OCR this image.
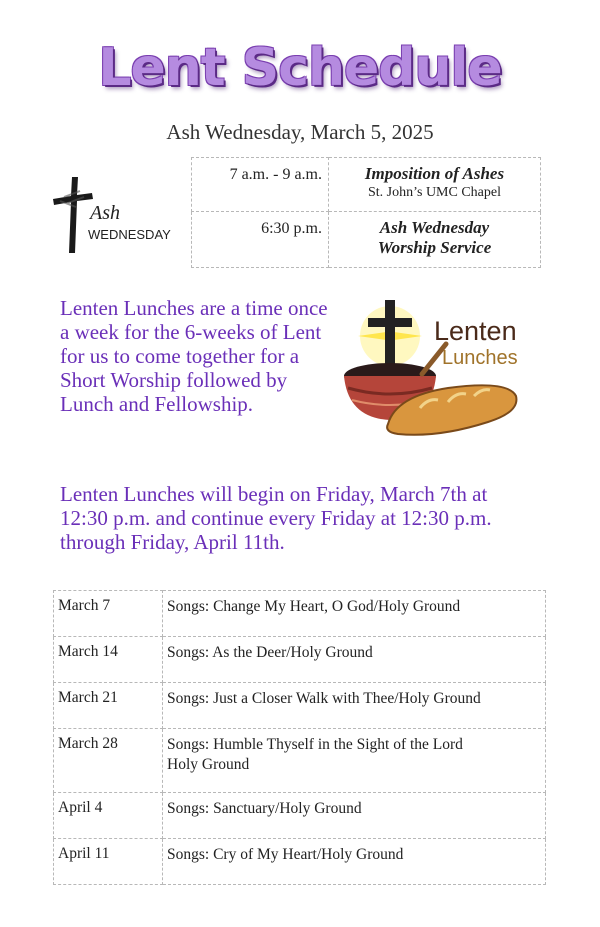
Lent Schedule
Ash Wednesday, March 5, 2025
Ash
WEDNESDAY
7 a.m. - 9 a.m.	Imposition of Ashes
St. John’s UMC Chapel

6:30 p.m.	Ash Wednesday
Worship Service
Lenten Lunches are a time once a week for the 6-weeks of Lent for us to come together for a Short Worship followed by Lunch and Fellowship.
Lenten
Lunches
Lenten Lunches will begin on Friday, March 7th at 12:30 p.m. and continue every Friday at 12:30 p.m. through Friday, April 11th.
March 7	Songs: Change My Heart, O God/Holy Ground
March 14	Songs: As the Deer/Holy Ground
March 21	Songs: Just a Closer Walk with Thee/Holy Ground
March 28	Songs: Humble Thyself in the Sight of the Lord
Holy Ground

April 4	Songs: Sanctuary/Holy Ground
April 11	Songs: Cry of My Heart/Holy Ground
